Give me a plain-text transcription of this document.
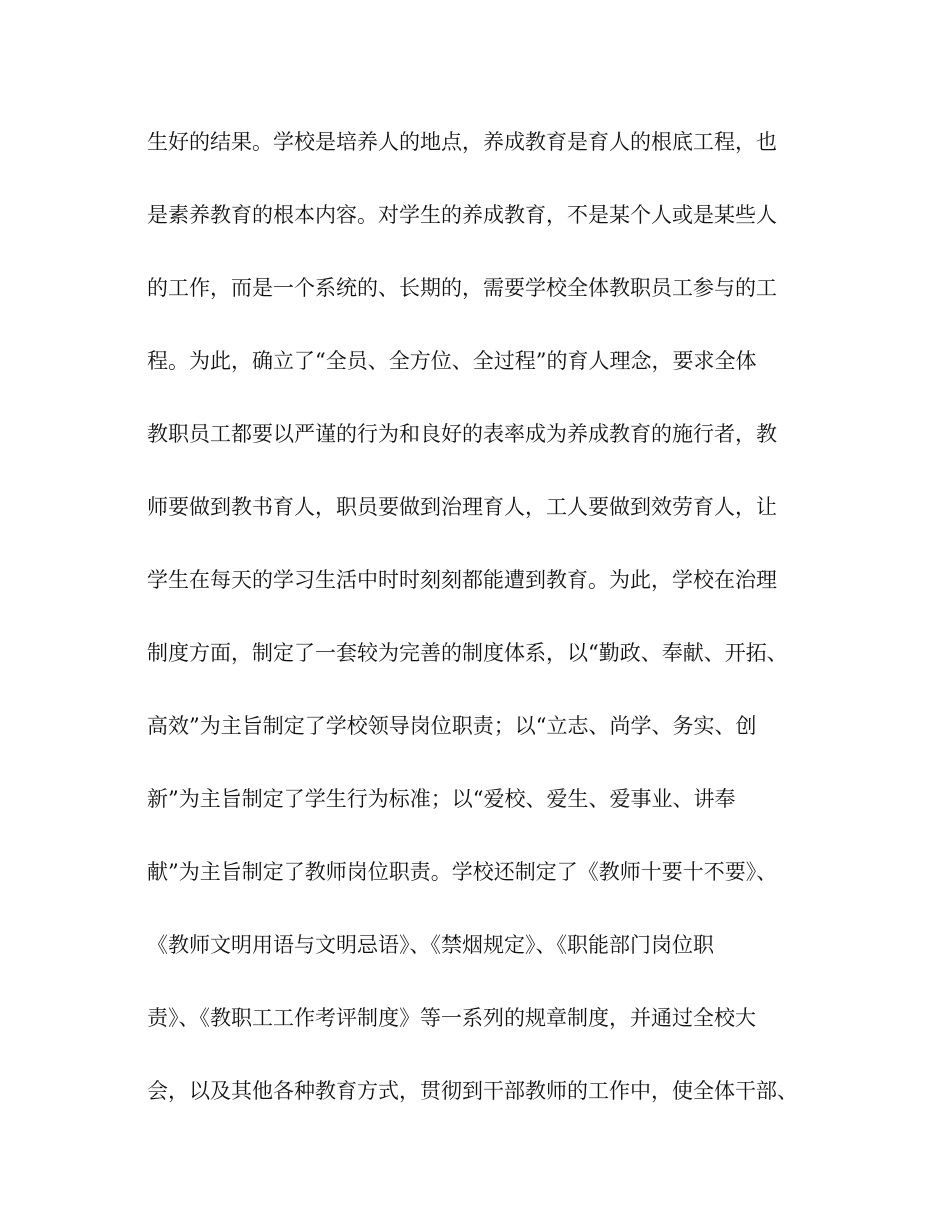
生好的结果。学校是培养人的地点，养成教育是育人的根底工程，也
是素养教育的根本内容。对学生的养成教育，不是某个人或是某些人
的工作，而是一个系统的、长期的，需要学校全体教职员工参与的工
程。为此，确立了“全员、全方位、全过程”的育人理念，要求全体
教职员工都要以严谨的行为和良好的表率成为养成教育的施行者，教
师要做到教书育人，职员要做到治理育人，工人要做到效劳育人，让
学生在每天的学习生活中时时刻刻都能遭到教育。为此，学校在治理
制度方面，制定了一套较为完善的制度体系，以“勤政、奉献、开拓、
高效”为主旨制定了学校领导岗位职责；以“立志、尚学、务实、创
新”为主旨制定了学生行为标准；以“爱校、爱生、爱事业、讲奉
献”为主旨制定了教师岗位职责。学校还制定了《教师十要十不要》、
《教师文明用语与文明忌语》、《禁烟规定》、《职能部门岗位职
责》、《教职工工作考评制度》等一系列的规章制度，并通过全校大
会，以及其他各种教育方式，贯彻到干部教师的工作中，使全体干部、
